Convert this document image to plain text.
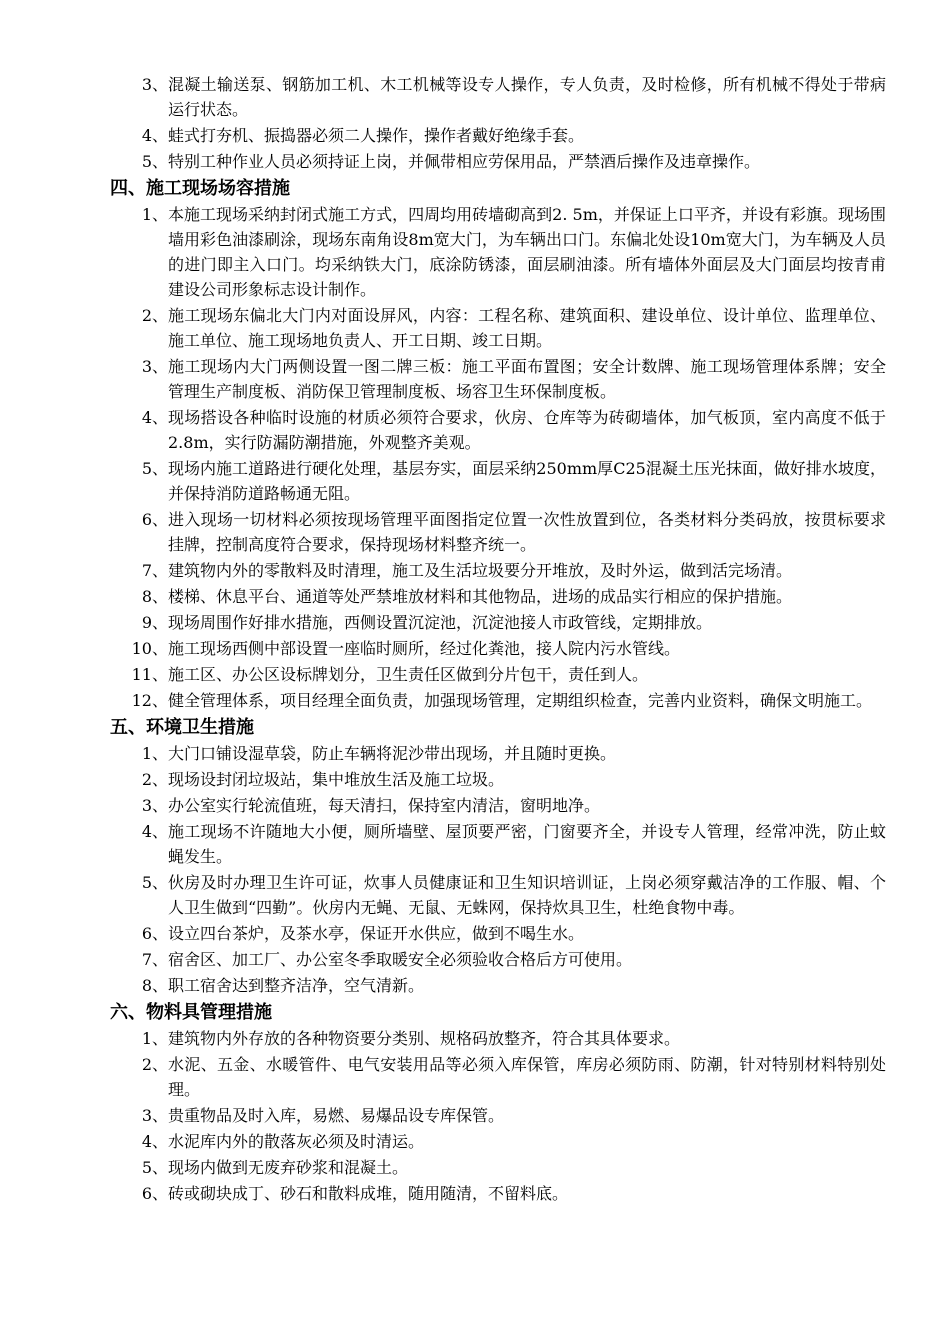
3、 混凝土输送泵、钢筋加工机、木工机械等设专人操作，专人负责，及时检修，所有机械不得处于带病运行状态。
4、 蛙式打夯机、振捣器必须二人操作，操作者戴好绝缘手套。
5、 特别工种作业人员必须持证上岗，并佩带相应劳保用品，严禁酒后操作及违章操作。
四、施工现场场容措施
1、 本施工现场采纳封闭式施工方式，四周均用砖墙砌高到2. 5m，并保证上口平齐，并设有彩旗。现场围墙用彩色油漆刷涂，现场东南角设8m宽大门，为车辆出口门。东偏北处设10m宽大门，为车辆及人员的进门即主入口门。均采纳铁大门，底涂防锈漆，面层刷油漆。所有墙体外面层及大门面层均按青甫建设公司形象标志设计制作。
2、 施工现场东偏北大门内对面设屏风，内容：工程名称、建筑面积、建设单位、设计单位、监理单位、施工单位、施工现场地负责人、开工日期、竣工日期。
3、 施工现场内大门两侧设置一图二牌三板：施工平面布置图；安全计数牌、施工现场管理体系牌；安全管理生产制度板、消防保卫管理制度板、场容卫生环保制度板。
4、 现场搭设各种临时设施的材质必须符合要求，伙房、仓库等为砖砌墙体，加气板顶，室内高度不低于2.8m，实行防漏防潮措施，外观整齐美观。
5、 现场内施工道路进行硬化处理，基层夯实，面层采纳250mm厚C25混凝土压光抹面，做好排水坡度，并保持消防道路畅通无阻。
6、 进入现场一切材料必须按现场管理平面图指定位置一次性放置到位，各类材料分类码放，按贯标要求挂牌，控制高度符合要求，保持现场材料整齐统一。
7、 建筑物内外的零散料及时清理，施工及生活垃圾要分开堆放，及时外运，做到活完场清。
8、 楼梯、休息平台、通道等处严禁堆放材料和其他物品，进场的成品实行相应的保护措施。
9、 现场周围作好排水措施，西侧设置沉淀池，沉淀池接人市政管线，定期排放。
10、 施工现场西侧中部设置一座临时厕所，经过化粪池，接人院内污水管线。
11、 施工区、办公区设标牌划分，卫生责任区做到分片包干，责任到人。
12、 健全管理体系，项目经理全面负责，加强现场管理，定期组织检查，完善内业资料，确保文明施工。
五、环境卫生措施
1、 大门口铺设湿草袋，防止车辆将泥沙带出现场，并且随时更换。
2、 现场设封闭垃圾站，集中堆放生活及施工垃圾。
3、 办公室实行轮流值班，每天清扫，保持室内清洁，窗明地净。
4、 施工现场不许随地大小便，厕所墙壁、屋顶要严密，门窗要齐全，并设专人管理，经常冲洗，防止蚊蝇发生。
5、 伙房及时办理卫生许可证，炊事人员健康证和卫生知识培训证，上岗必须穿戴洁净的工作服、帽、个人卫生做到“四勤”。伙房内无蝇、无鼠、无蛛网，保持炊具卫生，杜绝食物中毒。
6、 设立四台茶炉，及茶水亭，保证开水供应，做到不喝生水。
7、 宿舍区、加工厂、办公室冬季取暖安全必须验收合格后方可使用。
8、 职工宿舍达到整齐洁净，空气清新。
六、物料具管理措施
1、 建筑物内外存放的各种物资要分类别、规格码放整齐，符合其具体要求。
2、 水泥、五金、水暖管件、电气安装用品等必须入库保管，库房必须防雨、防潮，针对特别材料特别处理。
3、 贵重物品及时入库，易燃、易爆品设专库保管。
4、 水泥库内外的散落灰必须及时清运。
5、 现场内做到无废弃砂浆和混凝土。
6、 砖或砌块成丁、砂石和散料成堆，随用随清，不留料底。
